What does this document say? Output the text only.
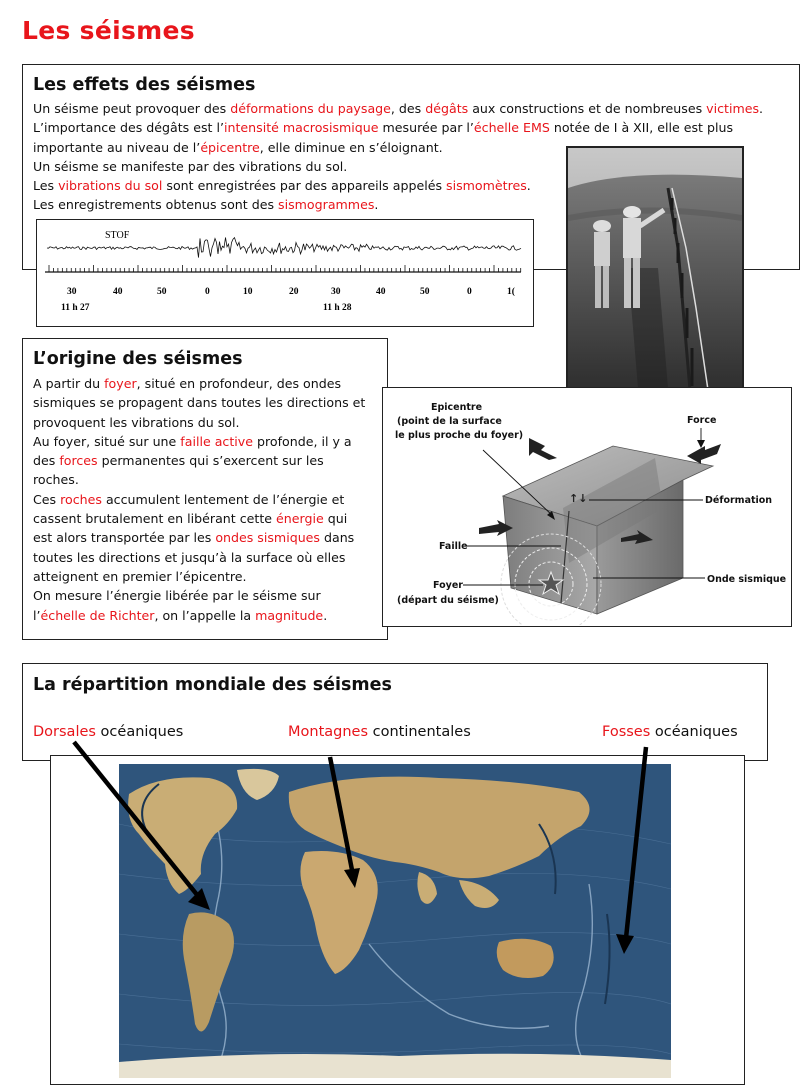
Les séismes
Les effets des séismes

Un séisme peut provoquer des déformations du paysage, des dégâts aux constructions et de nombreuses victimes.

L’importance des dégâts est l’intensité macrosismique mesurée par l’échelle EMS notée de I à XII, elle est plus

importante au niveau de l’épicentre, elle diminue en s’éloignant.

Un séisme se manifeste par des vibrations du sol.

Les vibrations du sol sont enregistrées par des appareils appelés sismomètres.

Les enregistrements obtenus sont des sismogrammes.

STOF
30	40	50	0	10	20	30	40	50	0	1(
11 h 27	11 h 28
L’origine des séismes

A partir du foyer, situé en profondeur, des ondes

sismiques se propagent dans toutes les directions et

provoquent les vibrations du sol.

Au foyer, situé sur une faille active profonde, il y a

des forces permanentes qui s’exercent sur les

roches.

Ces roches accumulent lentement de l’énergie et

cassent brutalement en libérant cette énergie qui

est alors transportée par les ondes sismiques dans

toutes les directions et jusqu’à la surface où elles

atteignent en premier l’épicentre.

On mesure l’énergie libérée par le séisme sur

l’échelle de Richter, on l’appelle la magnitude.

↑↓
Epicentre
(point de la surface
le plus proche du foyer)
Force
Déformation
Faille
Onde sismique
Foyer
(départ du séisme)
La répartition mondiale des séismes
Dorsales océaniques	Montagnes continentales	Fosses océaniques
